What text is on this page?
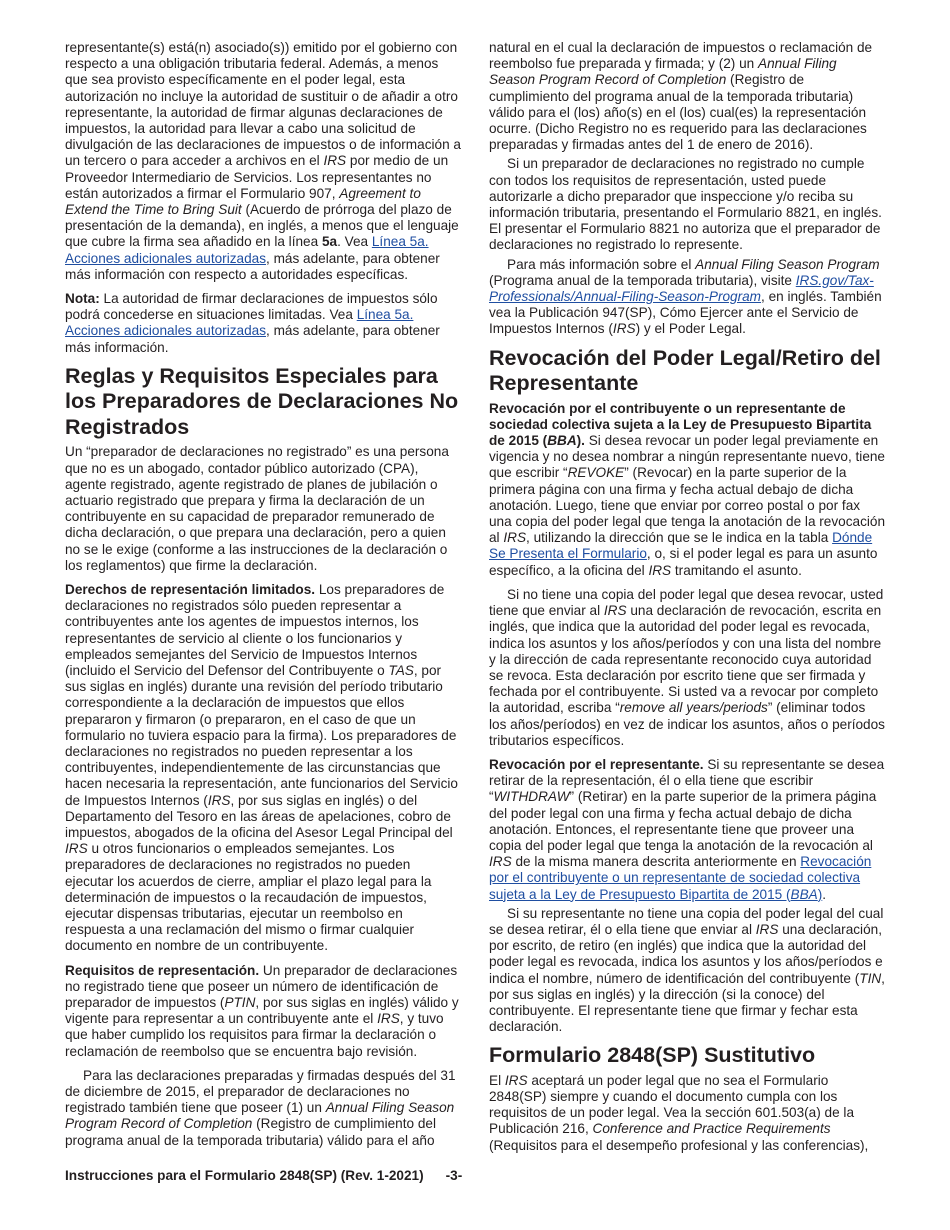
representante(s) está(n) asociado(s)) emitido por el gobierno con respecto a una obligación tributaria federal. Además, a menos que sea provisto específicamente en el poder legal, esta autorización no incluye la autoridad de sustituir o de añadir a otro representante, la autoridad de firmar algunas declaraciones de impuestos, la autoridad para llevar a cabo una solicitud de divulgación de las declaraciones de impuestos o de información a un tercero o para acceder a archivos en el IRS por medio de un Proveedor Intermediario de Servicios. Los representantes no están autorizados a firmar el Formulario 907, Agreement to Extend the Time to Bring Suit (Acuerdo de prórroga del plazo de presentación de la demanda), en inglés, a menos que el lenguaje que cubre la firma sea añadido en la línea 5a. Vea Línea 5a. Acciones adicionales autorizadas, más adelante, para obtener más información con respecto a autoridades específicas.

Nota: La autoridad de firmar declaraciones de impuestos sólo podrá concederse en situaciones limitadas. Vea Línea 5a. Acciones adicionales autorizadas, más adelante, para obtener más información.

Reglas y Requisitos Especiales para los Preparadores de Declaraciones No Registrados

Un “preparador de declaraciones no registrado” es una persona que no es un abogado, contador público autorizado (CPA), agente registrado, agente registrado de planes de jubilación o actuario registrado que prepara y firma la declaración de un contribuyente en su capacidad de preparador remunerado de dicha declaración, o que prepara una declaración, pero a quien no se le exige (conforme a las instrucciones de la declaración o los reglamentos) que firme la declaración.

Derechos de representación limitados. Los preparadores de declaraciones no registrados sólo pueden representar a contribuyentes ante los agentes de impuestos internos, los representantes de servicio al cliente o los funcionarios y empleados semejantes del Servicio de Impuestos Internos (incluido el Servicio del Defensor del Contribuyente o TAS, por sus siglas en inglés) durante una revisión del período tributario correspondiente a la declaración de impuestos que ellos prepararon y firmaron (o prepararon, en el caso de que un formulario no tuviera espacio para la firma). Los preparadores de declaraciones no registrados no pueden representar a los contribuyentes, independientemente de las circunstancias que hacen necesaria la representación, ante funcionarios del Servicio de Impuestos Internos (IRS, por sus siglas en inglés) o del Departamento del Tesoro en las áreas de apelaciones, cobro de impuestos, abogados de la oficina del Asesor Legal Principal del IRS u otros funcionarios o empleados semejantes. Los preparadores de declaraciones no registrados no pueden ejecutar los acuerdos de cierre, ampliar el plazo legal para la determinación de impuestos o la recaudación de impuestos, ejecutar dispensas tributarias, ejecutar un reembolso en respuesta a una reclamación del mismo o firmar cualquier documento en nombre de un contribuyente.

Requisitos de representación. Un preparador de declaraciones no registrado tiene que poseer un número de identificación de preparador de impuestos (PTIN, por sus siglas en inglés) válido y vigente para representar a un contribuyente ante el IRS, y tuvo que haber cumplido los requisitos para firmar la declaración o reclamación de reembolso que se encuentra bajo revisión.

Para las declaraciones preparadas y firmadas después del 31 de diciembre de 2015, el preparador de declaraciones no registrado también tiene que poseer (1) un Annual Filing Season Program Record of Completion (Registro de cumplimiento del programa anual de la temporada tributaria) válido para el año

natural en el cual la declaración de impuestos o reclamación de reembolso fue preparada y firmada; y (2) un Annual Filing Season Program Record of Completion (Registro de cumplimiento del programa anual de la temporada tributaria) válido para el (los) año(s) en el (los) cual(es) la representación ocurre. (Dicho Registro no es requerido para las declaraciones preparadas y firmadas antes del 1 de enero de 2016).

Si un preparador de declaraciones no registrado no cumple con todos los requisitos de representación, usted puede autorizarle a dicho preparador que inspeccione y/o reciba su información tributaria, presentando el Formulario 8821, en inglés. El presentar el Formulario 8821 no autoriza que el preparador de declaraciones no registrado lo represente.

Para más información sobre el Annual Filing Season Program (Programa anual de la temporada tributaria), visite IRS.gov/Tax-Professionals/Annual-Filing-Season-Program, en inglés. También vea la Publicación 947(SP), Cómo Ejercer ante el Servicio de Impuestos Internos (IRS) y el Poder Legal.

Revocación del Poder Legal/Retiro del Representante

Revocación por el contribuyente o un representante de sociedad colectiva sujeta a la Ley de Presupuesto Bipartita de 2015 (BBA). Si desea revocar un poder legal previamente en vigencia y no desea nombrar a ningún representante nuevo, tiene que escribir “REVOKE” (Revocar) en la parte superior de la primera página con una firma y fecha actual debajo de dicha anotación. Luego, tiene que enviar por correo postal o por fax una copia del poder legal que tenga la anotación de la revocación al IRS, utilizando la dirección que se le indica en la tabla Dónde Se Presenta el Formulario, o, si el poder legal es para un asunto específico, a la oficina del IRS tramitando el asunto.

Si no tiene una copia del poder legal que desea revocar, usted tiene que enviar al IRS una declaración de revocación, escrita en inglés, que indica que la autoridad del poder legal es revocada, indica los asuntos y los años/períodos y con una lista del nombre y la dirección de cada representante reconocido cuya autoridad se revoca. Esta declaración por escrito tiene que ser firmada y fechada por el contribuyente. Si usted va a revocar por completo la autoridad, escriba “remove all years/periods” (eliminar todos los años/períodos) en vez de indicar los asuntos, años o períodos tributarios específicos.

Revocación por el representante. Si su representante se desea retirar de la representación, él o ella tiene que escribir “WITHDRAW” (Retirar) en la parte superior de la primera página del poder legal con una firma y fecha actual debajo de dicha anotación. Entonces, el representante tiene que proveer una copia del poder legal que tenga la anotación de la revocación al IRS de la misma manera descrita anteriormente en Revocación por el contribuyente o un representante de sociedad colectiva sujeta a la Ley de Presupuesto Bipartita de 2015 (BBA).

Si su representante no tiene una copia del poder legal del cual se desea retirar, él o ella tiene que enviar al IRS una declaración, por escrito, de retiro (en inglés) que indica que la autoridad del poder legal es revocada, indica los asuntos y los años/períodos e indica el nombre, número de identificación del contribuyente (TIN, por sus siglas en inglés) y la dirección (si la conoce) del contribuyente. El representante tiene que firmar y fechar esta declaración.

Formulario 2848(SP) Sustitutivo

El IRS aceptará un poder legal que no sea el Formulario 2848(SP) siempre y cuando el documento cumpla con los requisitos de un poder legal. Vea la sección 601.503(a) de la Publicación 216, Conference and Practice Requirements (Requisitos para el desempeño profesional y las conferencias),

Instrucciones para el Formulario 2848(SP) (Rev. 1-2021) -3-
